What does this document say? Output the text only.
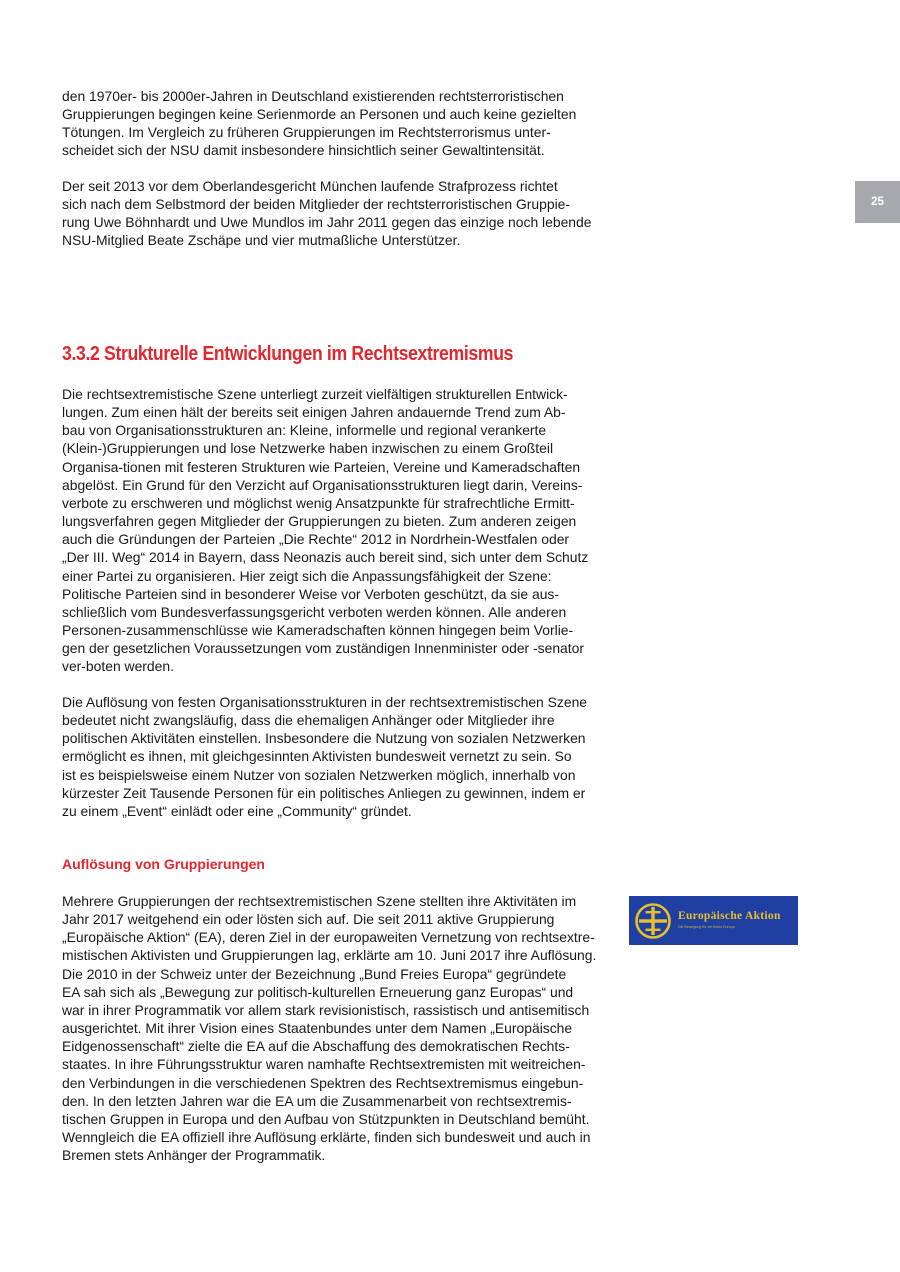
25

den 1970er- bis 2000er-Jahren in Deutschland existierenden rechtsterroristischen
Gruppierungen begingen keine Serienmorde an Personen und auch keine gezielten
Tötungen. Im Vergleich zu früheren Gruppierungen im Rechtsterrorismus unter-
scheidet sich der NSU damit insbesondere hinsichtlich seiner Gewaltintensität.

Der seit 2013 vor dem Oberlandesgericht München laufende Strafprozess richtet
sich nach dem Selbstmord der beiden Mitglieder der rechtsterroristischen Gruppie-
rung Uwe Böhnhardt und Uwe Mundlos im Jahr 2011 gegen das einzige noch lebende
NSU-Mitglied Beate Zschäpe und vier mutmaßliche Unterstützer.

3.3.2 Strukturelle Entwicklungen im Rechtsextremismus

Die rechtsextremistische Szene unterliegt zurzeit vielfältigen strukturellen Entwick-
lungen. Zum einen hält der bereits seit einigen Jahren andauernde Trend zum Ab-
bau von Organisationsstrukturen an: Kleine, informelle und regional verankerte
(Klein-)Gruppierungen und lose Netzwerke haben inzwischen zu einem Großteil
Organisa-tionen mit festeren Strukturen wie Parteien, Vereine und Kameradschaften
abgelöst. Ein Grund für den Verzicht auf Organisationsstrukturen liegt darin, Vereins-
verbote zu erschweren und möglichst wenig Ansatzpunkte für strafrechtliche Ermitt-
lungsverfahren gegen Mitglieder der Gruppierungen zu bieten. Zum anderen zeigen
auch die Gründungen der Parteien „Die Rechte“ 2012 in Nordrhein-Westfalen oder
„Der III. Weg“ 2014 in Bayern, dass Neonazis auch bereit sind, sich unter dem Schutz
einer Partei zu organisieren. Hier zeigt sich die Anpassungsfähigkeit der Szene:
Politische Parteien sind in besonderer Weise vor Verboten geschützt, da sie aus-
schließlich vom Bundesverfassungsgericht verboten werden können. Alle anderen
Personen-zusammenschlüsse wie Kameradschaften können hingegen beim Vorlie-
gen der gesetzlichen Voraussetzungen vom zuständigen Innenminister oder -senator
ver-boten werden.

Die Auflösung von festen Organisationsstrukturen in der rechtsextremistischen Szene
bedeutet nicht zwangsläufig, dass die ehemaligen Anhänger oder Mitglieder ihre
politischen Aktivitäten einstellen. Insbesondere die Nutzung von sozialen Netzwerken
ermöglicht es ihnen, mit gleichgesinnten Aktivisten bundesweit vernetzt zu sein. So
ist es beispielsweise einem Nutzer von sozialen Netzwerken möglich, innerhalb von
kürzester Zeit Tausende Personen für ein politisches Anliegen zu gewinnen, indem er
zu einem „Event“ einlädt oder eine „Community“ gründet.

Auflösung von Gruppierungen

Mehrere Gruppierungen der rechtsextremistischen Szene stellten ihre Aktivitäten im
Jahr 2017 weitgehend ein oder lösten sich auf. Die seit 2011 aktive Gruppierung
„Europäische Aktion“ (EA), deren Ziel in der europaweiten Vernetzung von rechtsextre-
mistischen Aktivisten und Gruppierungen lag, erklärte am 10. Juni 2017 ihre Auflösung.
Die 2010 in der Schweiz unter der Bezeichnung „Bund Freies Europa“ gegründete
EA sah sich als „Bewegung zur politisch-kulturellen Erneuerung ganz Europas“ und
war in ihrer Programmatik vor allem stark revisionistisch, rassistisch und antisemitisch
ausgerichtet. Mit ihrer Vision eines Staatenbundes unter dem Namen „Europäische
Eidgenossenschaft“ zielte die EA auf die Abschaffung des demokratischen Rechts-
staates. In ihre Führungsstruktur waren namhafte Rechtsextremisten mit weitreichen-
den Verbindungen in die verschiedenen Spektren des Rechtsextremismus eingebun-
den. In den letzten Jahren war die EA um die Zusammenarbeit von rechtsextremis-
tischen Gruppen in Europa und den Aufbau von Stützpunkten in Deutschland bemüht.
Wenngleich die EA offiziell ihre Auflösung erklärte, finden sich bundesweit und auch in
Bremen stets Anhänger der Programmatik.

Europäische Aktion
Die Bewegung für ein freies Europa
